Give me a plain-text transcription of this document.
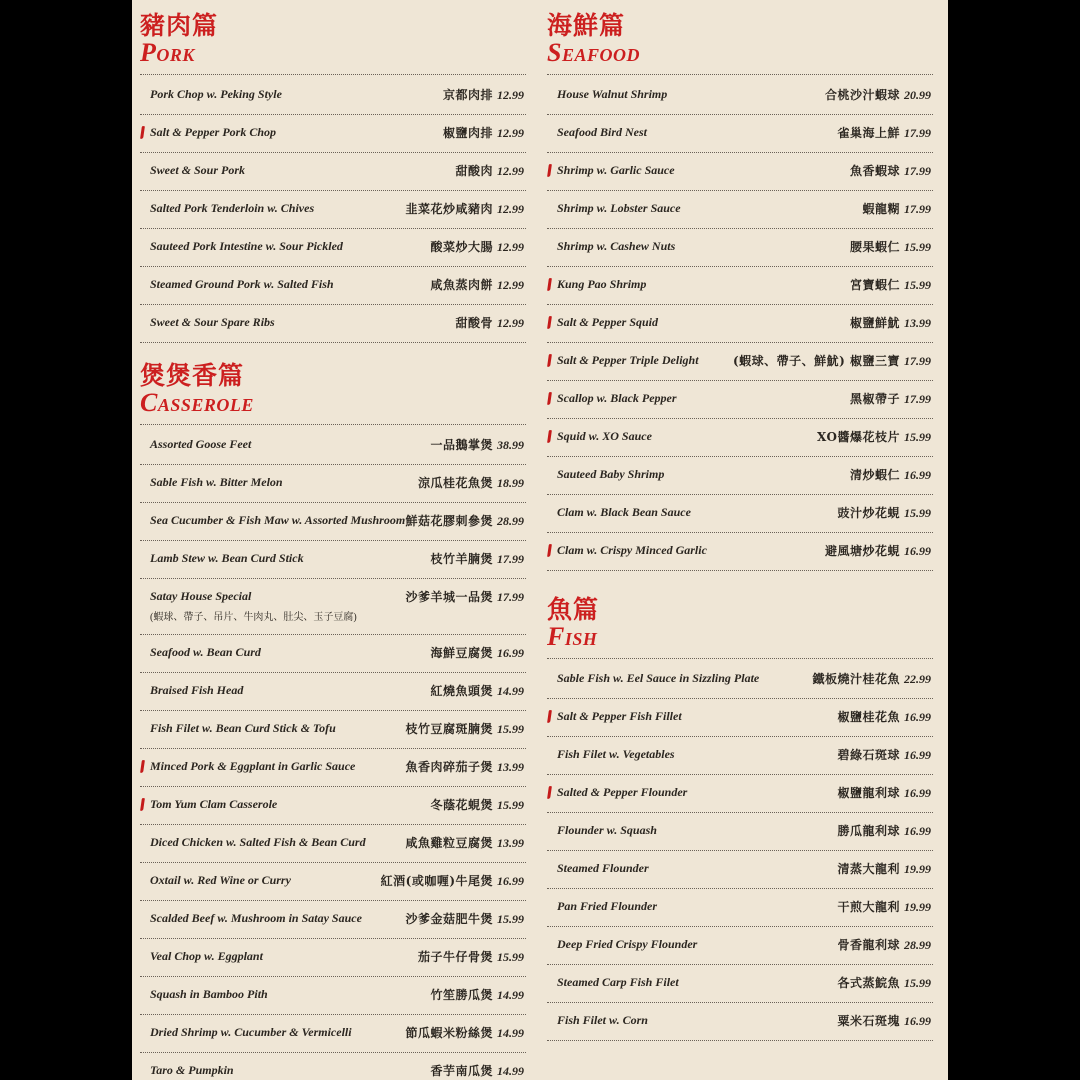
豬肉篇
Pork
Pork Chop w. Peking Style	京都肉排 12.99
Salt & Pepper Pork Chop	椒鹽肉排 12.99
Sweet & Sour Pork	甜酸肉 12.99
Salted Pork Tenderloin w. Chives	韭菜花炒咸豬肉 12.99
Sauteed Pork Intestine w. Sour Pickled	酸菜炒大腸 12.99
Steamed Ground Pork w. Salted Fish	咸魚蒸肉餅 12.99
Sweet & Sour Spare Ribs	甜酸骨 12.99
煲煲香篇
Casserole
Assorted Goose Feet	一品鵝掌煲 38.99
Sable Fish w. Bitter Melon	涼瓜桂花魚煲 18.99
Sea Cucumber & Fish Maw w. Assorted Mushroom 鮮菇花膠刺參煲 28.99
Lamb Stew w. Bean Curd Stick	枝竹羊腩煲 17.99
Satay House Special
(蝦球、帶子、吊片、牛肉丸、肚尖、玉子豆腐)
沙爹羊城一品煲 17.99
Seafood w. Bean Curd	海鮮豆腐煲 16.99
Braised Fish Head	紅燒魚頭煲 14.99
Fish Filet w. Bean Curd Stick & Tofu	枝竹豆腐斑腩煲 15.99
Minced Pork & Eggplant in Garlic Sauce	魚香肉碎茄子煲 13.99
Tom Yum Clam Casserole	冬蔭花蜆煲 15.99
Diced Chicken w. Salted Fish & Bean Curd	咸魚雞粒豆腐煲 13.99
Oxtail w. Red Wine or Curry	紅酒(或咖喱)牛尾煲 16.99
Scalded Beef w. Mushroom in Satay Sauce	沙爹金菇肥牛煲 15.99
Veal Chop w. Eggplant	茄子牛仔骨煲 15.99
Squash in Bamboo Pith	竹笙勝瓜煲 14.99
Dried Shrimp w. Cucumber & Vermicelli	節瓜蝦米粉絲煲 14.99
Taro & Pumpkin	香芋南瓜煲 14.99
海鮮篇
Seafood
House Walnut Shrimp	合桃沙汁蝦球 20.99
Seafood Bird Nest	雀巢海上鮮 17.99
Shrimp w. Garlic Sauce	魚香蝦球 17.99
Shrimp w. Lobster Sauce	蝦龍糊 17.99
Shrimp w. Cashew Nuts	腰果蝦仁 15.99
Kung Pao Shrimp	宮寶蝦仁 15.99
Salt & Pepper Squid	椒鹽鮮魷 13.99
Salt & Pepper Triple Delight	(蝦球、帶子、鮮魷) 椒鹽三寶 17.99
Scallop w. Black Pepper	黑椒帶子 17.99
Squid w. XO Sauce	XO醬爆花枝片 15.99
Sauteed Baby Shrimp	清炒蝦仁 16.99
Clam w. Black Bean Sauce	豉汁炒花蜆 15.99
Clam w. Crispy Minced Garlic	避風塘炒花蜆 16.99
魚篇
Fish
Sable Fish w. Eel Sauce in Sizzling Plate	鐵板燒汁桂花魚 22.99
Salt & Pepper Fish Fillet	椒鹽桂花魚 16.99
Fish Filet w. Vegetables	碧綠石斑球 16.99
Salted & Pepper Flounder	椒鹽龍利球 16.99
Flounder w. Squash	勝瓜龍利球 16.99
Steamed Flounder	清蒸大龍利 19.99
Pan Fried Flounder	干煎大龍利 19.99
Deep Fried Crispy Flounder	骨香龍利球 28.99
Steamed Carp Fish Filet	各式蒸鯇魚 15.99
Fish Filet w. Corn	粟米石斑塊 16.99
